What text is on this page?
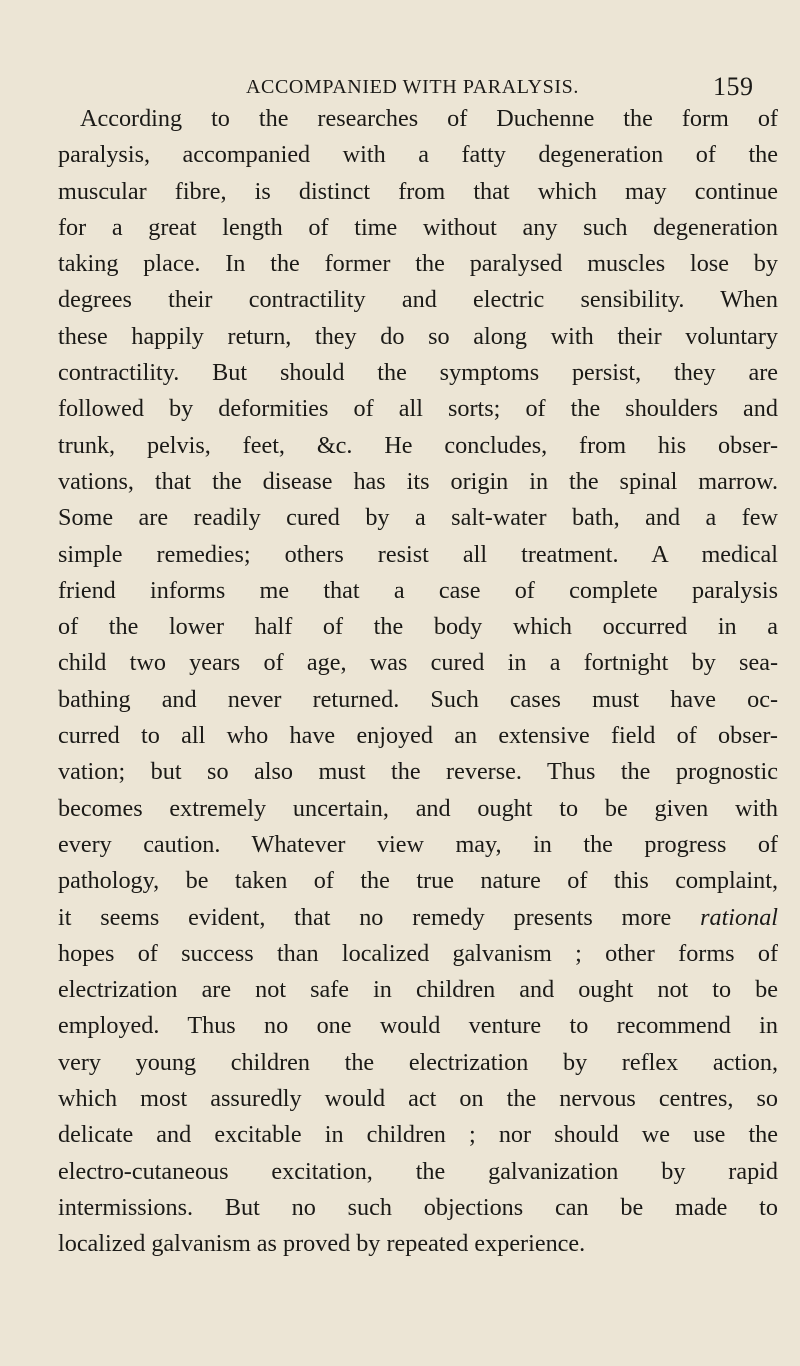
ACCOMPANIED WITH PARALYSIS.	159
According to the researches of Duchenne the form of
paralysis, accompanied with a fatty degeneration of the
muscular fibre, is distinct from that which may continue
for a great length of time without any such degeneration
taking place. In the former the paralysed muscles lose by
degrees their contractility and electric sensibility. When
these happily return, they do so along with their voluntary
contractility. But should the symptoms persist, they are
followed by deformities of all sorts; of the shoulders and
trunk, pelvis, feet, &c. He concludes, from his obser-
vations, that the disease has its origin in the spinal marrow.
Some are readily cured by a salt-water bath, and a few
simple remedies; others resist all treatment. A medical
friend informs me that a case of complete paralysis
of the lower half of the body which occurred in a
child two years of age, was cured in a fortnight by sea-
bathing and never returned. Such cases must have oc-
curred to all who have enjoyed an extensive field of obser-
vation; but so also must the reverse. Thus the prognostic
becomes extremely uncertain, and ought to be given with
every caution. Whatever view may, in the progress of
pathology, be taken of the true nature of this complaint,
it seems evident, that no remedy presents more rational
hopes of success than localized galvanism ; other forms of
electrization are not safe in children and ought not to be
employed. Thus no one would venture to recommend in
very young children the electrization by reflex action,
which most assuredly would act on the nervous centres, so
delicate and excitable in children ; nor should we use the
electro-cutaneous excitation, the galvanization by rapid
intermissions. But no such objections can be made to
localized galvanism as proved by repeated experience.
